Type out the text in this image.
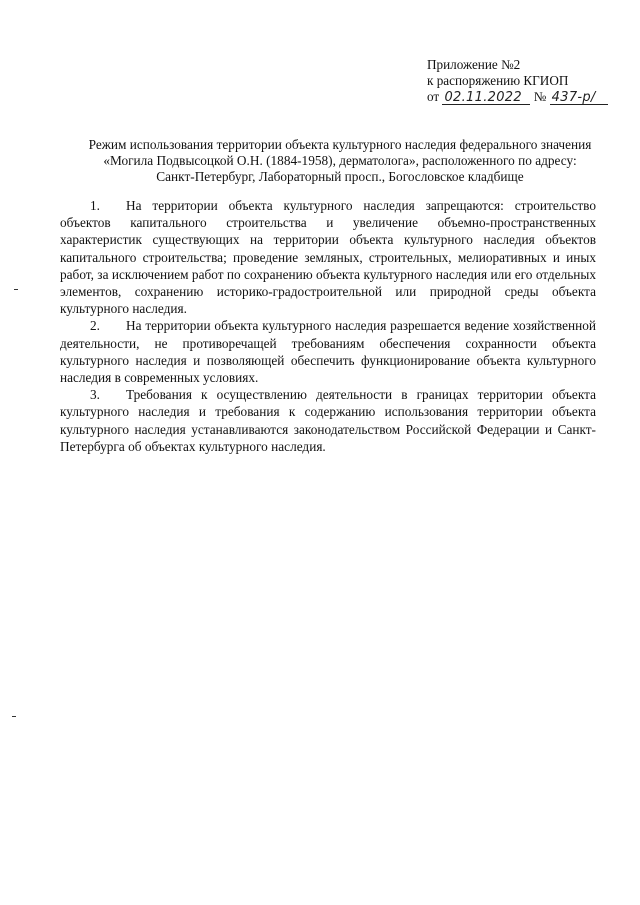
Приложение №2
к распоряжению КГИОП
от 02.11.2022 № 437-р/
Режим использования территории объекта культурного наследия федерального значения
«Могила Подвысоцкой О.Н. (1884-1958), дерматолога», расположенного по адресу:
Санкт-Петербург, Лабораторный просп., Богословское кладбище

1. На территории объекта культурного наследия запрещаются: строительство объектов капитального строительства и увеличение объемно-пространственных характеристик существующих на территории объекта культурного наследия объектов капитального строительства; проведение земляных, строительных, мелиоративных и иных работ, за исключением работ по сохранению объекта культурного наследия или его отдельных элементов, сохранению историко-градостроительной или природной среды объекта культурного наследия.

2. На территории объекта культурного наследия разрешается ведение хозяйственной деятельности, не противоречащей требованиям обеспечения сохранности объекта культурного наследия и позволяющей обеспечить функционирование объекта культурного наследия в современных условиях.

3. Требования к осуществлению деятельности в границах территории объекта культурного наследия и требования к содержанию использования территории объекта культурного наследия устанавливаются законодательством Российской Федерации и Санкт-Петербурга об объектах культурного наследия.
